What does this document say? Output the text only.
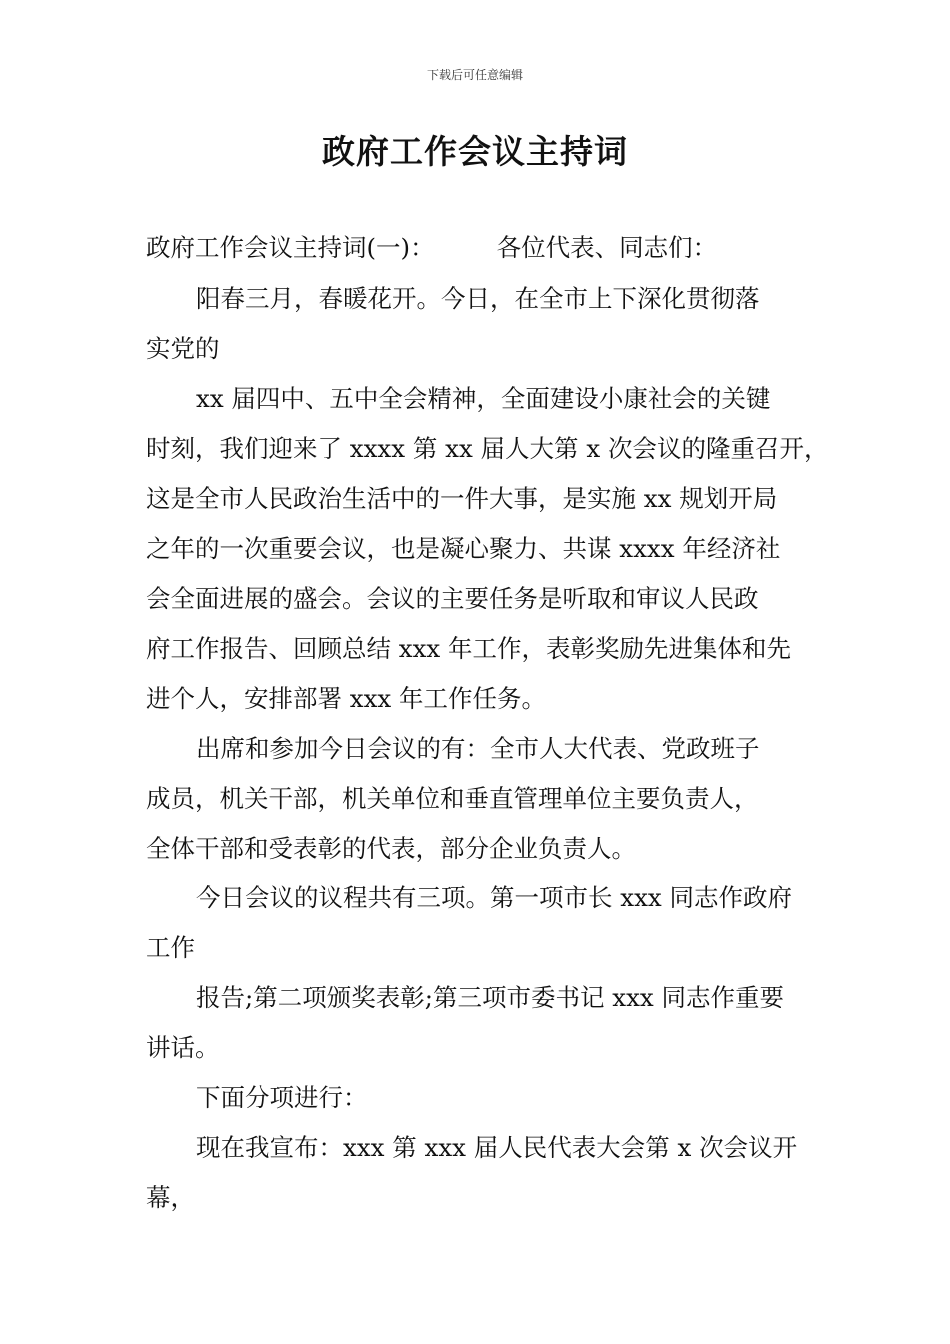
下载后可任意编辑
政府工作会议主持词
政府工作会议主持词(一)：	各位代表、同志们：
阳春三月，春暖花开。今日，在全市上下深化贯彻落
实党的
xx 届四中、五中全会精神，全面建设小康社会的关键
时刻，我们迎来了 xxxx 第 xx 届人大第 x 次会议的隆重召开，
这是全市人民政治生活中的一件大事，是实施 xx 规划开局
之年的一次重要会议，也是凝心聚力、共谋 xxxx 年经济社
会全面进展的盛会。会议的主要任务是听取和审议人民政
府工作报告、回顾总结 xxx 年工作，表彰奖励先进集体和先
进个人，安排部署 xxx 年工作任务。
出席和参加今日会议的有：全市人大代表、党政班子
成员，机关干部，机关单位和垂直管理单位主要负责人，
全体干部和受表彰的代表，部分企业负责人。
今日会议的议程共有三项。第一项市长 xxx 同志作政府
工作
报告;第二项颁奖表彰;第三项市委书记 xxx 同志作重要
讲话。
下面分项进行：
现在我宣布：xxx 第 xxx 届人民代表大会第 x 次会议开
幕，
